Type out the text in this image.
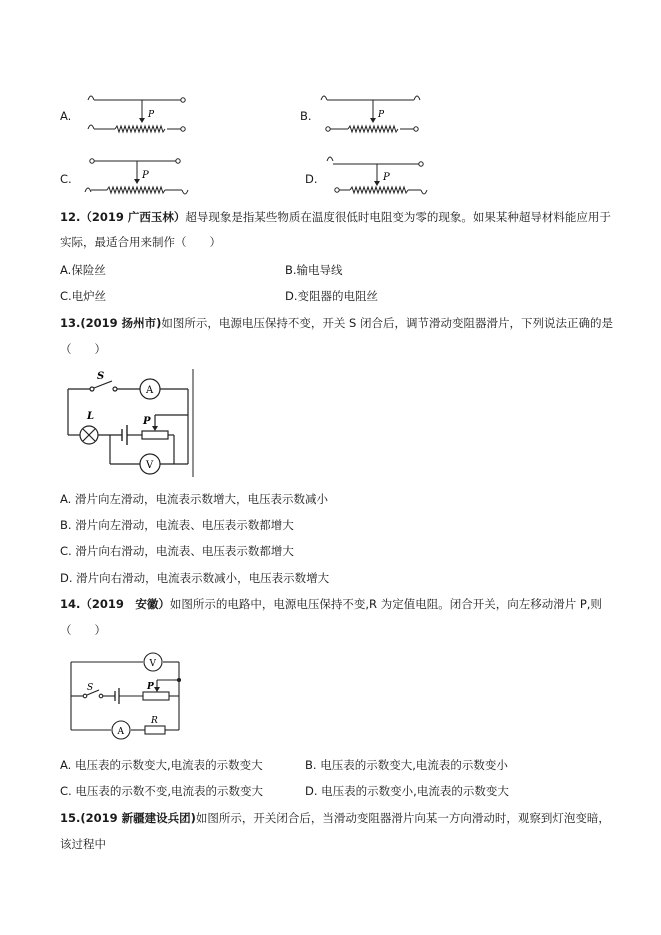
A.	P	B.	P
C.	P	D.	P
12.（2019 广西玉林）超导现象是指某些物质在温度很低时电阻变为零的现象。如果某种超导材料能应用于
实际，最适合用来制作（　　）
A.保险丝	B.输电导线
C.电炉丝	D.变阻器的电阻丝
13.(2019 扬州市)如图所示，电源电压保持不变，开关 S 闭合后，调节滑动变阻器滑片，下列说法正确的是
（　　）
A
V
S
L	P
A. 滑片向左滑动，电流表示数增大，电压表示数减小
B. 滑片向左滑动，电流表、电压表示数都增大
C. 滑片向右滑动，电流表、电压表示数都增大
D. 滑片向右滑动，电流表示数减小，电压表示数增大
14.（2019　安徽）如图所示的电路中，电源电压保持不变,R 为定值电阻。闭合开关，向左移动滑片 P,则
（　　）
V
A
S	P
R
A. 电压表的示数变大,电流表的示数变大	B. 电压表的示数变大,电流表的示数变小
C. 电压表的示数不变,电流表的示数变大	D. 电压表的示数变小,电流表的示数变大
15.(2019 新疆建设兵团)如图所示，开关闭合后，当滑动变阻器滑片向某一方向滑动时，观察到灯泡变暗，
该过程中
